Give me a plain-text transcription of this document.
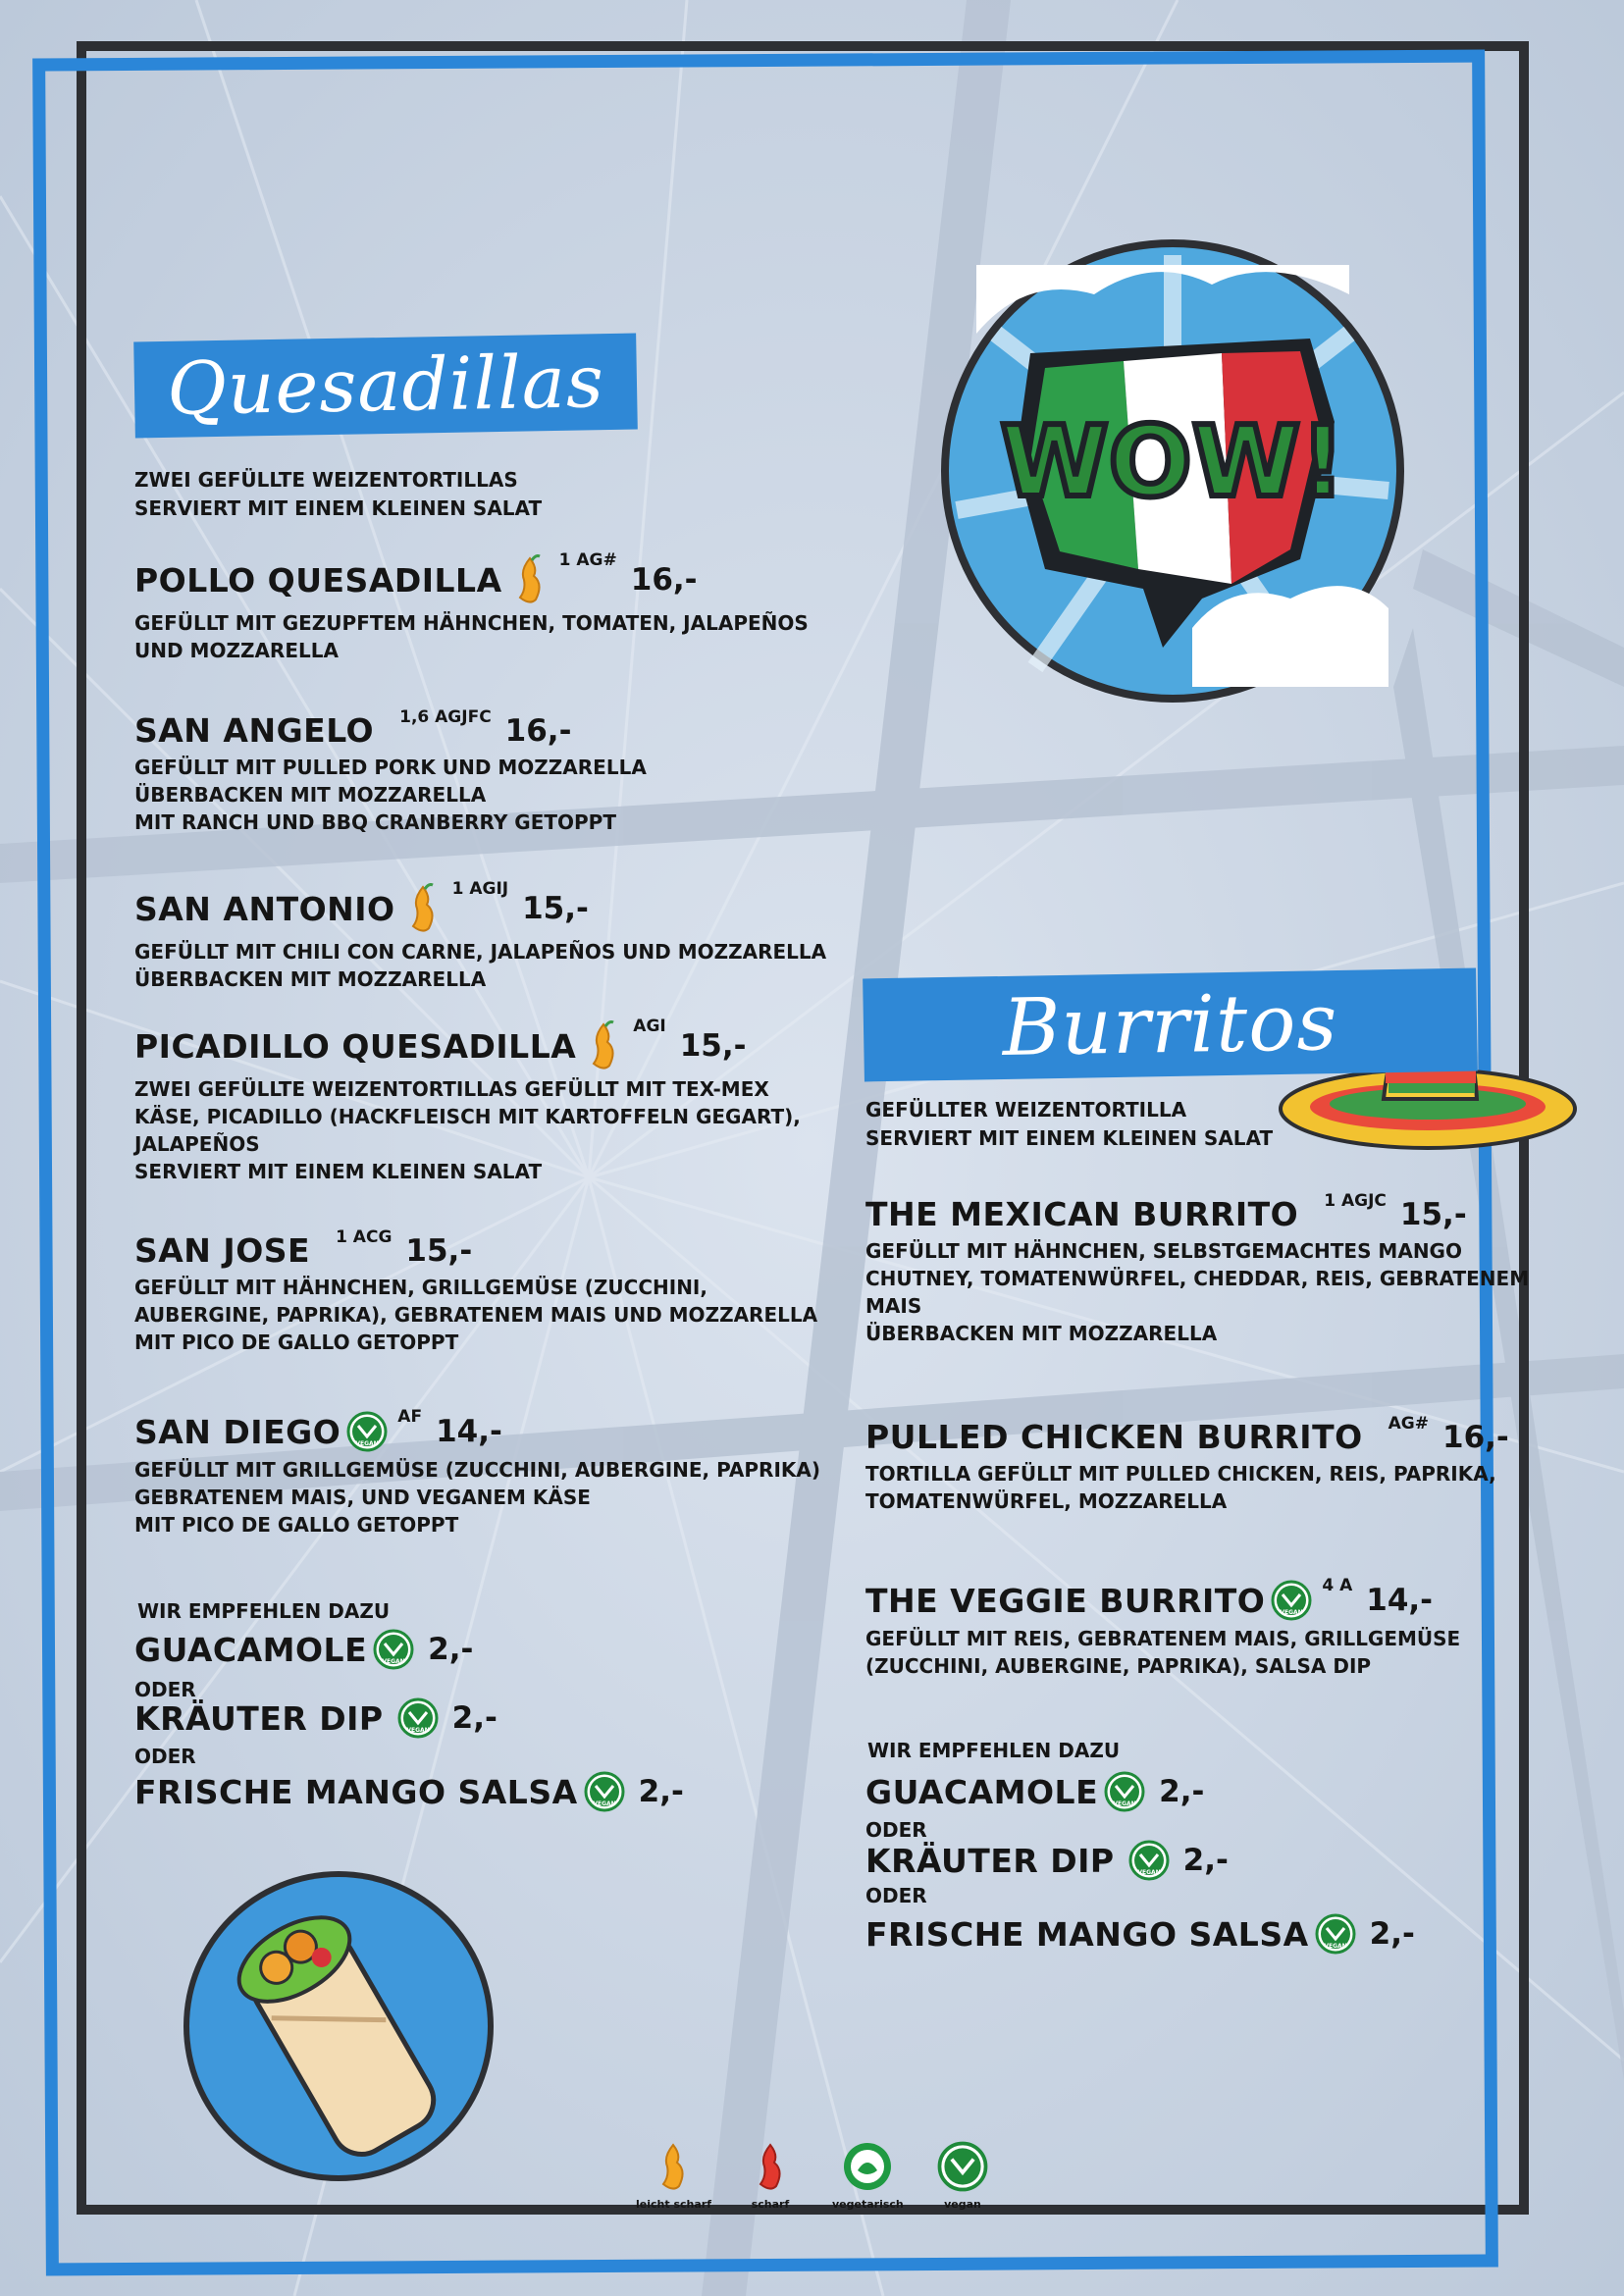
WOW!
Quesadillas
ZWEI GEFÜLLTE WEIZENTORTILLAS
SERVIERT MIT EINEM KLEINEN SALAT
POLLO QUESADILLA
1 AG#
16,-
GEFÜLLT MIT GEZUPFTEM HÄHNCHEN, TOMATEN, JALAPEÑOS
UND MOZZARELLA
SAN ANGELO 1,6 AGJFC 16,-
GEFÜLLT MIT PULLED PORK UND MOZZARELLA
ÜBERBACKEN MIT MOZZARELLA
MIT RANCH UND BBQ CRANBERRY GETOPPT
SAN ANTONIO
1 AGIJ
15,-
GEFÜLLT MIT CHILI CON CARNE, JALAPEÑOS UND MOZZARELLA
ÜBERBACKEN MIT MOZZARELLA
PICADILLO QUESADILLA
AGI
15,-
ZWEI GEFÜLLTE WEIZENTORTILLAS GEFÜLLT MIT TEX-MEX
KÄSE, PICADILLO (HACKFLEISCH MIT KARTOFFELN GEGART),
JALAPEÑOS
SERVIERT MIT EINEM KLEINEN SALAT
SAN JOSE 1 ACG 15,-
GEFÜLLT MIT HÄHNCHEN, GRILLGEMÜSE (ZUCCHINI,
AUBERGINE, PAPRIKA), GEBRATENEM MAIS UND MOZZARELLA
MIT PICO DE GALLO GETOPPT
SAN DIEGO	VEGAN
AF 14,-
GEFÜLLT MIT GRILLGEMÜSE (ZUCCHINI, AUBERGINE, PAPRIKA)
GEBRATENEM MAIS, UND VEGANEM KÄSE
MIT PICO DE GALLO GETOPPT
WIR EMPFEHLEN DAZU
GUACAMOLE	VEGAN 2,-
ODER
KRÄUTER DIP	VEGAN 2,-
ODER
FRISCHE MANGO SALSA	VEGAN 2,-
Burritos
GEFÜLLTER WEIZENTORTILLA
SERVIERT MIT EINEM KLEINEN SALAT
THE MEXICAN BURRITO 1 AGJC 15,-
GEFÜLLT MIT HÄHNCHEN, SELBSTGEMACHTES MANGO
CHUTNEY, TOMATENWÜRFEL, CHEDDAR, REIS, GEBRATENEM
MAIS
ÜBERBACKEN MIT MOZZARELLA
PULLED CHICKEN BURRITO AG# 16,-
TORTILLA GEFÜLLT MIT PULLED CHICKEN, REIS, PAPRIKA,
TOMATENWÜRFEL, MOZZARELLA
THE VEGGIE BURRITO	VEGAN
4 A 14,-
GEFÜLLT MIT REIS, GEBRATENEM MAIS, GRILLGEMÜSE
(ZUCCHINI, AUBERGINE, PAPRIKA), SALSA DIP
WIR EMPFEHLEN DAZU
GUACAMOLE	VEGAN 2,-
ODER
KRÄUTER DIP	VEGAN 2,-
ODER
FRISCHE MANGO SALSA	VEGAN 2,-
leicht scharf	scharf	vegetarisch	vegan
